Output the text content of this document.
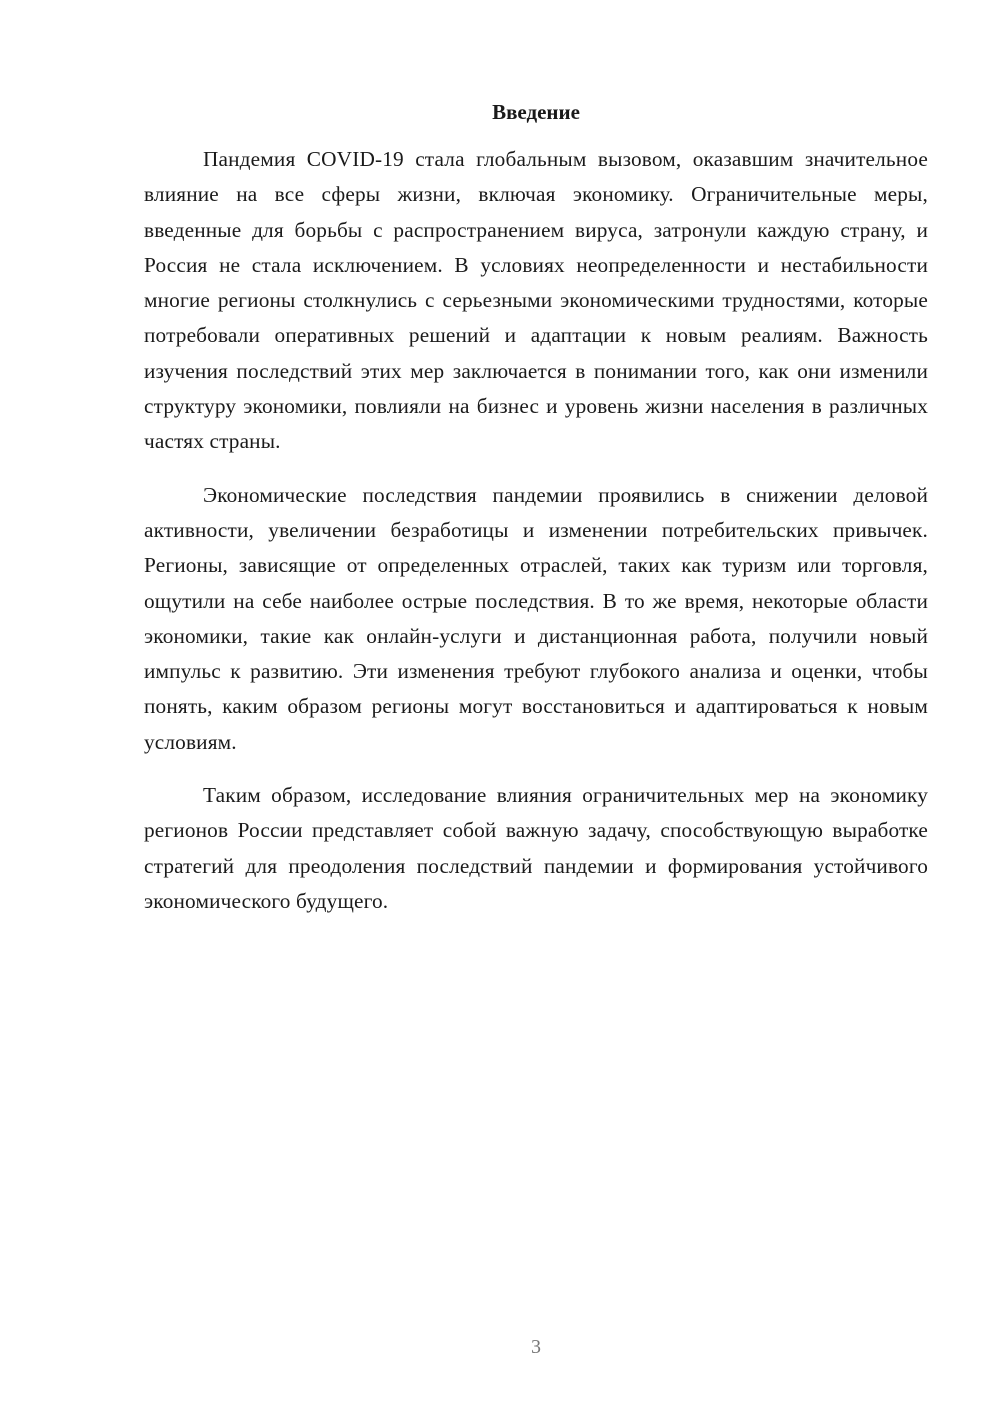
Введение

Пандемия COVID-19 стала глобальным вызовом, оказавшим значительное влияние на все сферы жизни, включая экономику. Ограничительные меры, введенные для борьбы с распространением вируса, затронули каждую страну, и Россия не стала исключением. В условиях неопределенности и нестабильности многие регионы столкнулись с серьезными экономическими трудностями, которые потребовали оперативных решений и адаптации к новым реалиям. Важность изучения последствий этих мер заключается в понимании того, как они изменили структуру экономики, повлияли на бизнес и уровень жизни населения в различных частях страны.

Экономические последствия пандемии проявились в снижении деловой активности, увеличении безработицы и изменении потребительских привычек. Регионы, зависящие от определенных отраслей, таких как туризм или торговля, ощутили на себе наиболее острые последствия. В то же время, некоторые области экономики, такие как онлайн-услуги и дистанционная работа, получили новый импульс к развитию. Эти изменения требуют глубокого анализа и оценки, чтобы понять, каким образом регионы могут восстановиться и адаптироваться к новым условиям.

Таким образом, исследование влияния ограничительных мер на экономику регионов России представляет собой важную задачу, способствующую выработке стратегий для преодоления последствий пандемии и формирования устойчивого экономического будущего.

3
